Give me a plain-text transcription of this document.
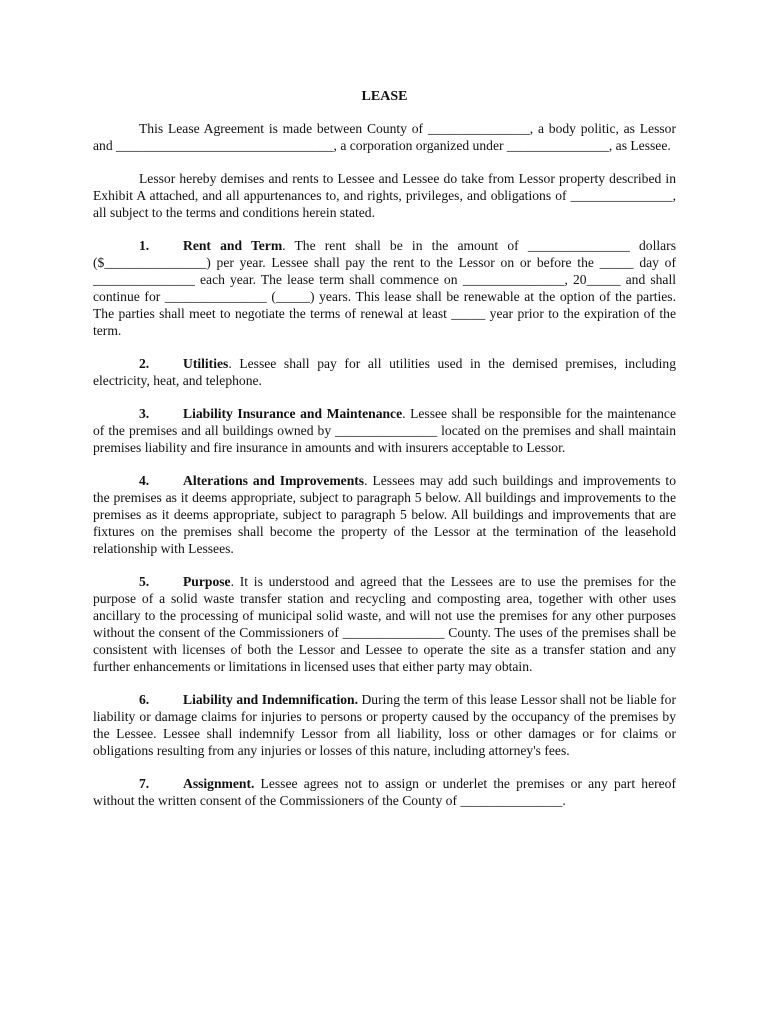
LEASE

This Lease Agreement is made between County of _______________, a body politic, as Lessor and ________________________________, a corporation organized under _______________, as Lessee.

Lessor hereby demises and rents to Lessee and Lessee do take from Lessor property described in Exhibit A attached, and all appurtenances to, and rights, privileges, and obligations of _______________, all subject to the terms and conditions herein stated.

1. Rent and Term. The rent shall be in the amount of _______________ dollars ($_______________) per year. Lessee shall pay the rent to the Lessor on or before the _____ day of _______________ each year. The lease term shall commence on _______________, 20_____ and shall continue for _______________ (_____) years. This lease shall be renewable at the option of the parties. The parties shall meet to negotiate the terms of renewal at least _____ year prior to the expiration of the term.

2. Utilities. Lessee shall pay for all utilities used in the demised premises, including electricity, heat, and telephone.

3. Liability Insurance and Maintenance. Lessee shall be responsible for the maintenance of the premises and all buildings owned by _______________ located on the premises and shall maintain premises liability and fire insurance in amounts and with insurers acceptable to Lessor.

4. Alterations and Improvements. Lessees may add such buildings and improvements to the premises as it deems appropriate, subject to paragraph 5 below. All buildings and improvements to the premises as it deems appropriate, subject to paragraph 5 below. All buildings and improvements that are fixtures on the premises shall become the property of the Lessor at the termination of the leasehold relationship with Lessees.

5. Purpose. It is understood and agreed that the Lessees are to use the premises for the purpose of a solid waste transfer station and recycling and composting area, together with other uses ancillary to the processing of municipal solid waste, and will not use the premises for any other purposes without the consent of the Commissioners of _______________ County. The uses of the premises shall be consistent with licenses of both the Lessor and Lessee to operate the site as a transfer station and any further enhancements or limitations in licensed uses that either party may obtain.

6. Liability and Indemnification. During the term of this lease Lessor shall not be liable for liability or damage claims for injuries to persons or property caused by the occupancy of the premises by the Lessee. Lessee shall indemnify Lessor from all liability, loss or other damages or for claims or obligations resulting from any injuries or losses of this nature, including attorney's fees.

7. Assignment. Lessee agrees not to assign or underlet the premises or any part hereof without the written consent of the Commissioners of the County of _______________.
